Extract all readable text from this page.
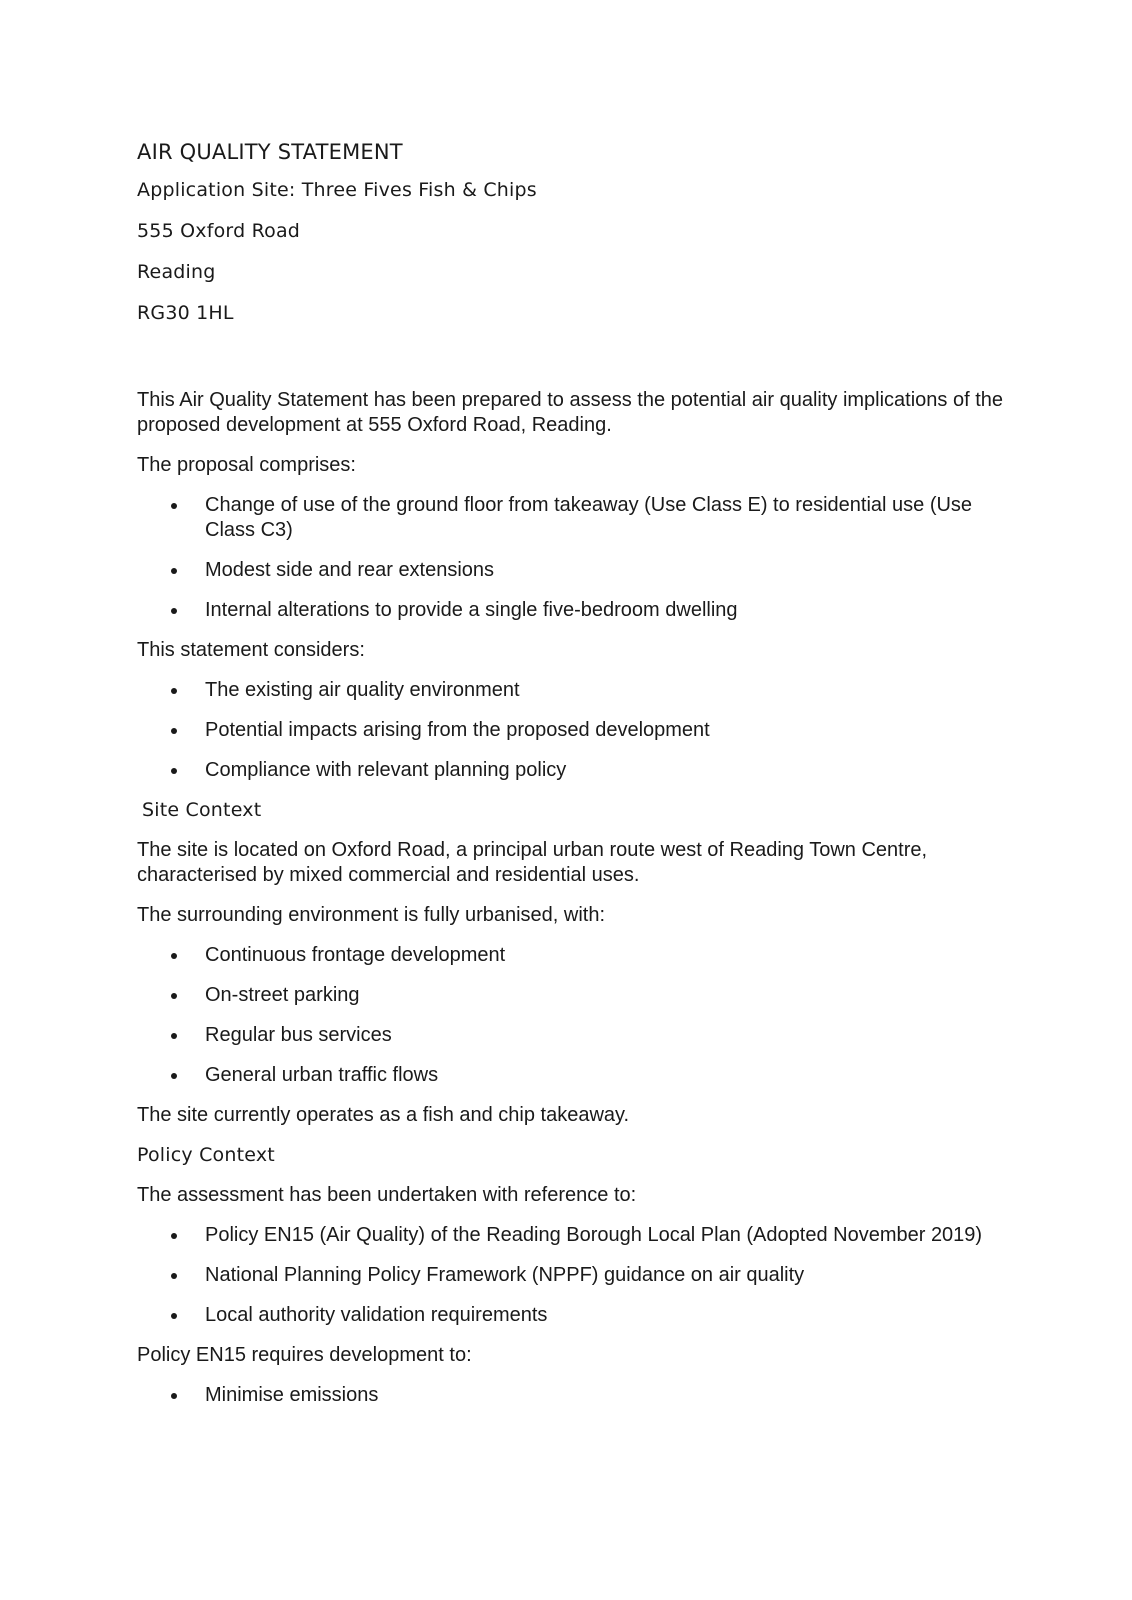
AIR QUALITY STATEMENT
Application Site: Three Fives Fish & Chips
555 Oxford Road
Reading
RG30 1HL

This Air Quality Statement has been prepared to assess the potential air quality implications of the proposed development at 555 Oxford Road, Reading.

The proposal comprises:

Change of use of the ground floor from takeaway (Use Class E) to residential use (Use Class C3)
Modest side and rear extensions
Internal alterations to provide a single five-bedroom dwelling

This statement considers:

The existing air quality environment
Potential impacts arising from the proposed development
Compliance with relevant planning policy
Site Context

The site is located on Oxford Road, a principal urban route west of Reading Town Centre, characterised by mixed commercial and residential uses.

The surrounding environment is fully urbanised, with:

Continuous frontage development
On-street parking
Regular bus services
General urban traffic flows

The site currently operates as a fish and chip takeaway.

Policy Context

The assessment has been undertaken with reference to:

Policy EN15 (Air Quality) of the Reading Borough Local Plan (Adopted November 2019)
National Planning Policy Framework (NPPF) guidance on air quality
Local authority validation requirements

Policy EN15 requires development to:

Minimise emissions
